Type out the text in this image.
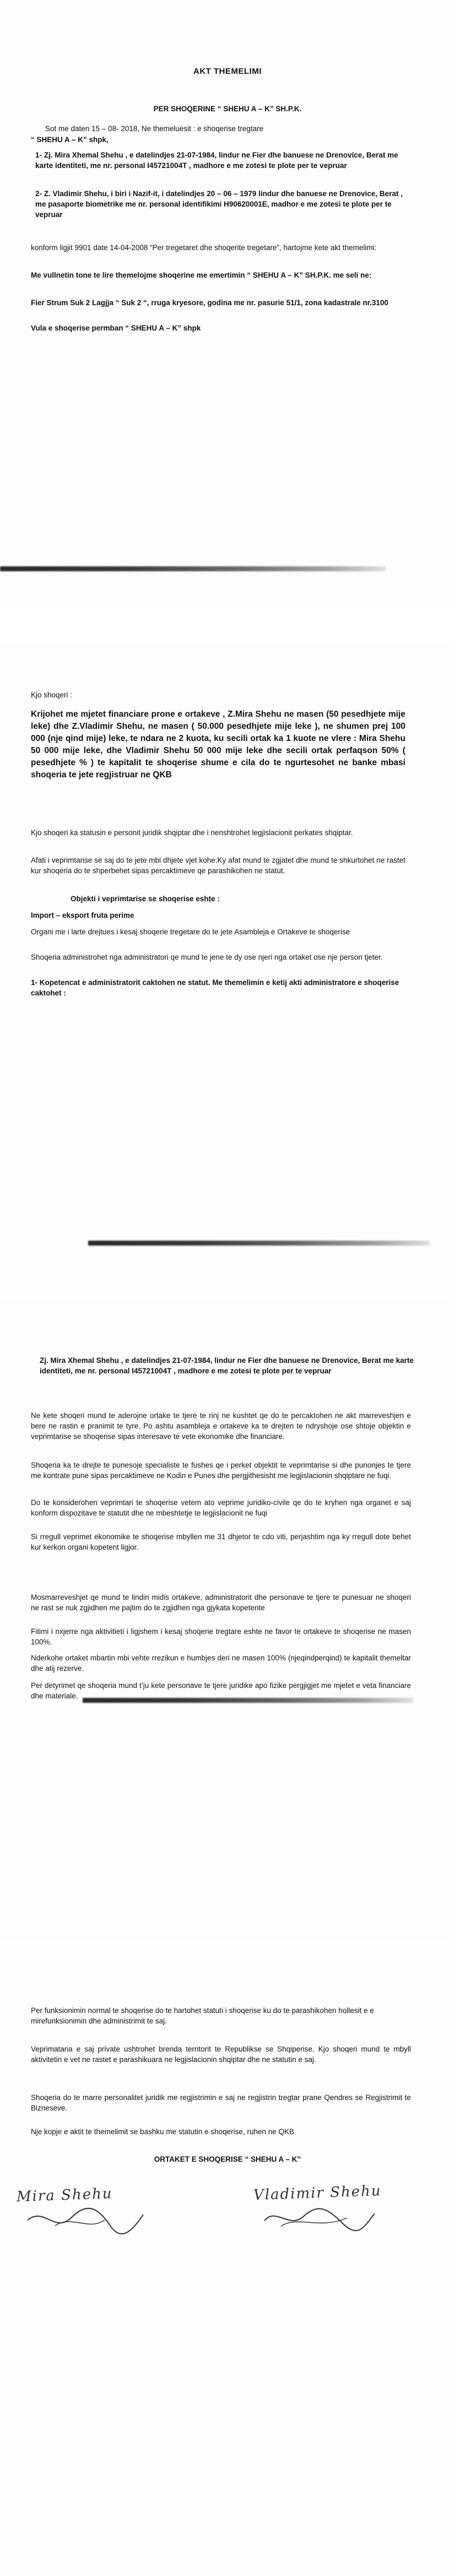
AKT THEMELIMI
PER SHOQERINE “ SHEHU A – K” SH.P.K.
Sot me daten 15 – 08- 2018, Ne themeluesit : e shoqerise tregtare
“ SHEHU A – K” shpk,
1- Zj. Mira Xhemal Shehu , e datelindjes 21-07-1984, lindur ne Fier dhe banuese ne Drenovice, Berat me karte identiteti, me nr. personal I45721004T , madhore e me zotesi te plote per te vepruar
2- Z. Vladimir Shehu, i biri i Nazif-it, i datelindjes 20 – 06 – 1979 lindur dhe banuese ne Drenovice, Berat , me pasaporte biometrike me nr. personal identifikimi H90620001E, madhor e me zotesi te plote per te vepruar
konform ligjit 9901 date 14-04-2008 “Per tregetaret dhe shoqerite tregetare”, hartojme kete akt themelimi:
Me vullnetin tone te lire themelojme shoqerine me emertimin “ SHEHU A – K” SH.P.K. me seli ne:
Fier Strum Suk 2 Lagjja “ Suk 2 “, rruga kryesore, godina me nr. pasurie 51/1, zona kadastrale nr.3100
Vula e shoqerise permban “ SHEHU A – K” shpk
Kjo shoqeri :
Krijohet me mjetet financiare prone e ortakeve , Z.Mira Shehu ne masen (50 pesedhjete mije leke) dhe Z.Vladimir Shehu, ne masen ( 50.000 pesedhjete mije leke ), ne shumen prej 100 000 (nje qind mije) leke, te ndara ne 2 kuota, ku secili ortak ka 1 kuote ne vlere : Mira Shehu 50 000 mije leke, dhe Vladimir Shehu 50 000 mije leke dhe secili ortak perfaqson 50% ( pesedhjete % ) te kapitalit te shoqerise shume e cila do te ngurtesohet ne banke mbasi shoqeria te jete regjistruar ne QKB
Kjo shoqeri ka statusin e personit juridik shqiptar dhe i nenshtrohet legjislacionit perkates shqiptar.
Afati i veprimtarise se saj do te jete mbi dhjete vjet kohe.Ky afat mund te zgjatet dhe mund te shkurtohet ne rastet kur shoqeria do te shperbehet sipas percaktimeve qe parashikohen ne statut.
Objekti i veprimtarise se shoqerise eshte :
Import – eksport fruta perime
Organi me i larte drejtues i kesaj shoqerie tregetare do te jete Asambleja e Ortakeve te shoqerise
Shoqeria administrohet nga administratori qe mund te jene te dy ose njeri nga ortaket ose nje person tjeter.
1- Kopetencat e administratorit caktohen ne statut. Me themelimin e ketij akti administratore e shoqerise caktohet :
Zj. Mira Xhemal Shehu , e datelindjes 21-07-1984, lindur ne Fier dhe banuese ne Drenovice, Berat me karte identiteti, me nr. personal I45721004T , madhore e me zotesi te plote per te vepruar
Ne kete shoqeri mund te aderojne ortake te tjere te rinj ne kushtet qe do te percaktohen ne akt marreveshjen e bere ne rastin e pranimit te tyre. Po ashtu asambleja e ortakeve ka te drejten te ndryshoje ose shtoje objektin e veprimtarise se shoqerise sipas interesave te vete ekonomike dhe financiare.
Shoqeria ka te drejte te punesoje specialiste te fushes qe i perket objektit te veprimtarise si dhe punonjes te tjere me kontrate pune sipas percaktimeve ne Kodin e Punes dhe pergjithesisht me legjislacionin shqiptare ne fuqi.
Do te konsiderohen veprimtari te shoqerise vetem ato veprime juridiko-civile qe do te kryhen nga organet e saj konform dispozitave te statutit dhe ne mbeshtetje te legjislacionit ne fuqi
Si rregull veprimet ekonomike te shoqerise mbyllen me 31 dhjetor te cdo viti, perjashtim nga ky rregull dote behet kur kerkon organi kopetent ligjor.
Mosmarreveshjet qe mund te lindin midis ortakeve, administratorit dhe personave te tjere te punesuar ne shoqeri ne rast se nuk zgjidhen me pajtim do te zgjidhen nga gjykata kopetente
Fitimi i nxjerre nga aktivitieti i ligjshem i kesaj shoqerie tregtare eshte ne favor te ortakeve te shoqerise ne masen 100%.
Nderkohe ortaket mbartin mbi vehte rrezikun e humbjes deri ne masen 100% (njeqindperqind) te kapitalit themeltar dhe atij rezerve.
Per detyrimet qe shoqeria mund t’ju kete personave te tjere juridike apo fizike pergjigjet me mjetet e veta financiare dhe materiale.
Per funksionimin normal te shoqerise do te hartohet statuti i shoqerise ku do te parashikohen hollesit e e mirefunksionimin dhe administrimit te saj.
Veprimataria e saj private ushtrohet brenda territorit te Republikse se Shqiperise. Kjo shoqeri mund te mbyll aktivitetin e vet ne rastet e parashikuara ne legjislacionin shqiptar dhe ne statutin e saj.
Shoqeria do te marre personalitet juridik me regjistrimin e saj ne regjistrin tregtar prane Qendres se Regjistrimit te Bizneseve.
Nje kopje e aktit te themelimit se bashku me statutin e shoqerise, ruhen ne QKB
ORTAKET E SHOQERISE “ SHEHU A – K”
Mira Shehu	Vladimir Shehu
